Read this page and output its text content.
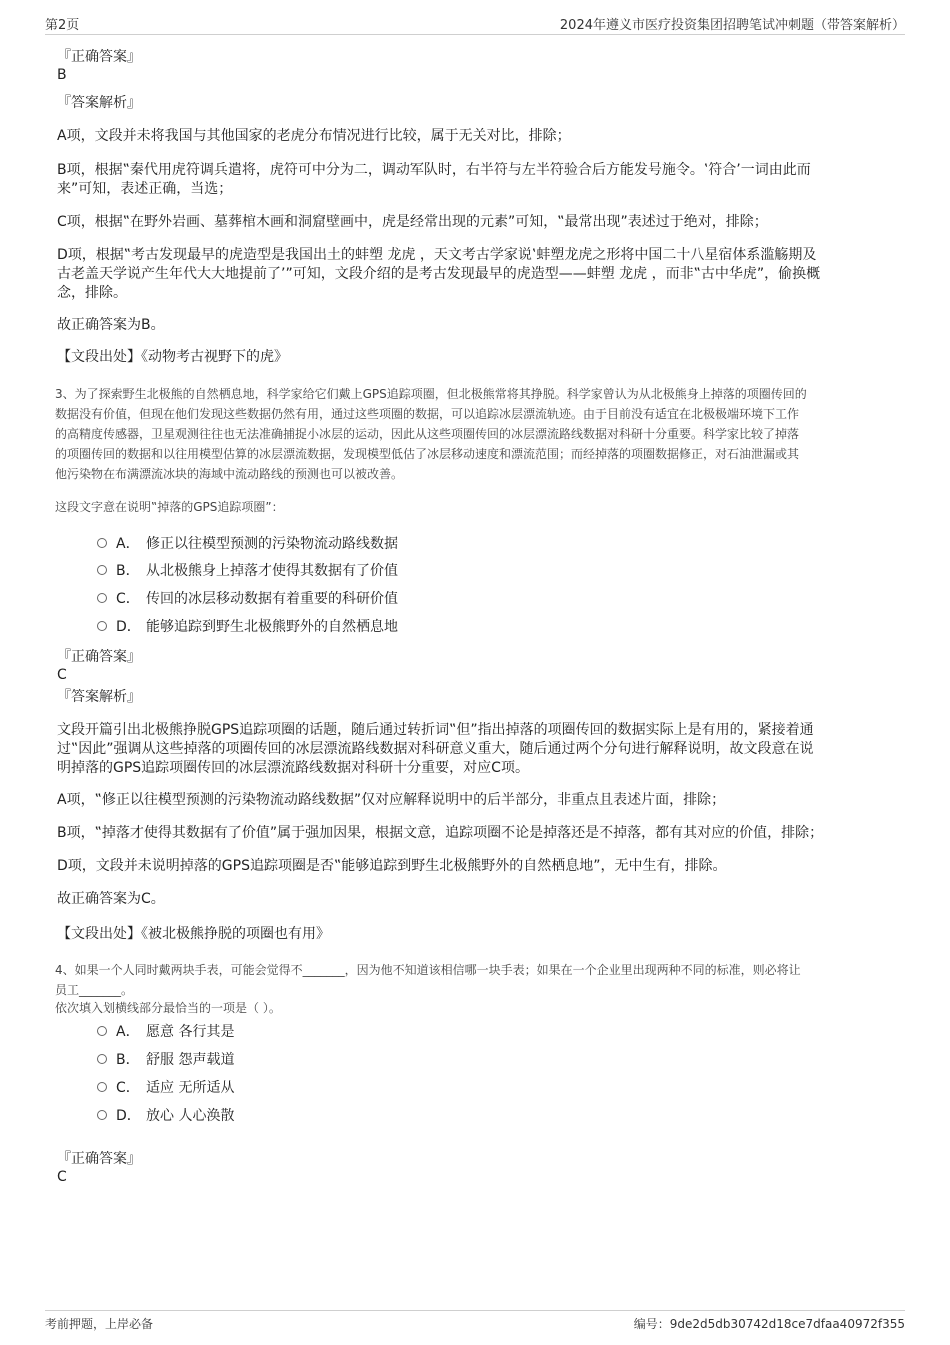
第2页	2024年遵义市医疗投资集团招聘笔试冲刺题（带答案解析）
『正确答案』
B
『答案解析』
A项，文段并未将我国与其他国家的老虎分布情况进行比较，属于无关对比，排除；
B项，根据‟秦代用虎符调兵遣将，虎符可中分为二，调动军队时，右半符与左半符验合后方能发号施令。‛符合’一词由此而
来”可知，表述正确，当选；
C项，根据‟在野外岩画、墓葬棺木画和洞窟壁画中，虎是经常出现的元素”可知，‟最常出现”表述过于绝对，排除；
D项，根据‟考古发现最早的虎造型是我国出土的蚌塑 龙虎 ，天文考古学家说‛蚌塑龙虎之形将中国二十八星宿体系滥觞期及
古老盖天学说产生年代大大地提前了’”可知，文段介绍的是考古发现最早的虎造型——蚌塑 龙虎 ，而非‟古中华虎”，偷换概
念，排除。
故正确答案为B。
【文段出处】《动物考古视野下的虎》
3、为了探索野生北极熊的自然栖息地，科学家给它们戴上GPS追踪项圈，但北极熊常将其挣脱。科学家曾认为从北极熊身上掉落的项圈传回的
数据没有价值，但现在他们发现这些数据仍然有用，通过这些项圈的数据，可以追踪冰层漂流轨迹。由于目前没有适宜在北极极端环境下工作
的高精度传感器，卫星观测往往也无法准确捕捉小冰层的运动，因此从这些项圈传回的冰层漂流路线数据对科研十分重要。科学家比较了掉落
的项圈传回的数据和以往用模型估算的冰层漂流数据，发现模型低估了冰层移动速度和漂流范围；而经掉落的项圈数据修正，对石油泄漏或其
他污染物在布满漂流冰块的海域中流动路线的预测也可以被改善。
这段文字意在说明‟掉落的GPS追踪项圈”：
A． 修正以往模型预测的污染物流动路线数据
B． 从北极熊身上掉落才使得其数据有了价值
C． 传回的冰层移动数据有着重要的科研价值
D． 能够追踪到野生北极熊野外的自然栖息地
『正确答案』
C
『答案解析』
文段开篇引出北极熊挣脱GPS追踪项圈的话题，随后通过转折词‟但”指出掉落的项圈传回的数据实际上是有用的，紧接着通
过‟因此”强调从这些掉落的项圈传回的冰层漂流路线数据对科研意义重大，随后通过两个分句进行解释说明，故文段意在说
明掉落的GPS追踪项圈传回的冰层漂流路线数据对科研十分重要，对应C项。
A项，‟修正以往模型预测的污染物流动路线数据”仅对应解释说明中的后半部分，非重点且表述片面，排除；
B项，‟掉落才使得其数据有了价值”属于强加因果，根据文意，追踪项圈不论是掉落还是不掉落，都有其对应的价值，排除；
D项，文段并未说明掉落的GPS追踪项圈是否‟能够追踪到野生北极熊野外的自然栖息地”，无中生有，排除。
故正确答案为C。
【文段出处】《被北极熊挣脱的项圈也有用》
4、如果一个人同时戴两块手表，可能会觉得不_______，因为他不知道该相信哪一块手表；如果在一个企业里出现两种不同的标准，则必将让
员工_______。
依次填入划横线部分最恰当的一项是（ ）。
A． 愿意 各行其是
B． 舒服 怨声载道
C． 适应 无所适从
D． 放心 人心涣散
『正确答案』
C
考前押题，上岸必备	编号：9de2d5db30742d18ce7dfaa40972f355
